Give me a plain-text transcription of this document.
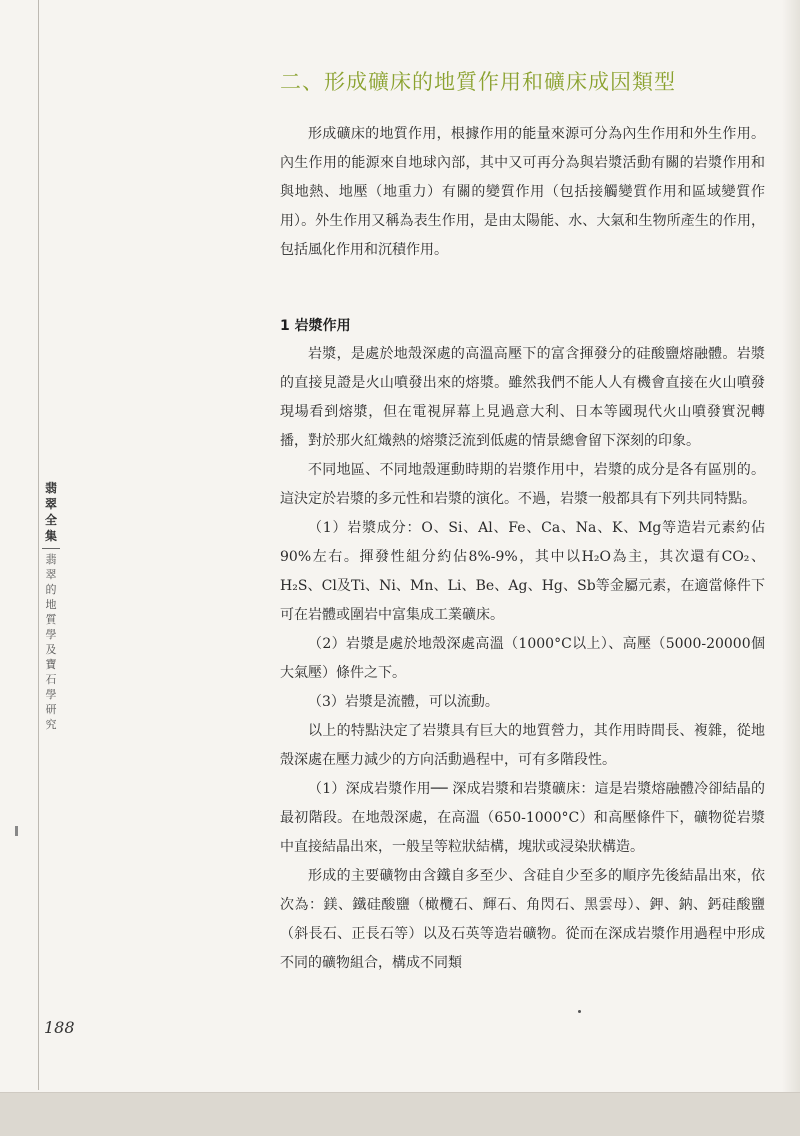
二、形成礦床的地質作用和礦床成因類型

形成礦床的地質作用，根據作用的能量來源可分為內生作用和外生作用。內生作用的能源來自地球內部，其中又可再分為與岩漿活動有關的岩漿作用和與地熱、地壓（地重力）有關的變質作用（包括接觸變質作用和區域變質作用）。外生作用又稱為表生作用，是由太陽能、水、大氣和生物所產生的作用，包括風化作用和沉積作用。

1 岩漿作用

岩漿，是處於地殼深處的高溫高壓下的富含揮發分的硅酸鹽熔融體。岩漿的直接見證是火山噴發出來的熔漿。雖然我們不能人人有機會直接在火山噴發現場看到熔漿，但在電視屏幕上見過意大利、日本等國現代火山噴發實況轉播，對於那火紅熾熱的熔漿泛流到低處的情景總會留下深刻的印象。

不同地區、不同地殼運動時期的岩漿作用中，岩漿的成分是各有區別的。這決定於岩漿的多元性和岩漿的演化。不過，岩漿一般都具有下列共同特點。

（1）岩漿成分：O、Si、Al、Fe、Ca、Na、K、Mg等造岩元素約佔90%左右。揮發性組分約佔8%-9%，其中以H₂O為主，其次還有CO₂、H₂S、Cl及Ti、Ni、Mn、Li、Be、Ag、Hg、Sb等金屬元素，在適當條件下可在岩體或圍岩中富集成工業礦床。

（2）岩漿是處於地殼深處高溫（1000°C以上）、高壓（5000-20000個大氣壓）條件之下。

（3）岩漿是流體，可以流動。

以上的特點決定了岩漿具有巨大的地質營力，其作用時間長、複雜，從地殼深處在壓力減少的方向活動過程中，可有多階段性。

（1）深成岩漿作用── 深成岩漿和岩漿礦床：這是岩漿熔融體冷卻結晶的最初階段。在地殼深處，在高溫（650-1000°C）和高壓條件下，礦物從岩漿中直接結晶出來，一般呈等粒狀結構，塊狀或浸染狀構造。

形成的主要礦物由含鐵自多至少、含硅自少至多的順序先後結晶出來，依次為：鎂、鐵硅酸鹽（橄欖石、輝石、角閃石、黑雲母）、鉀、鈉、鈣硅酸鹽（斜長石、正長石等）以及石英等造岩礦物。從而在深成岩漿作用過程中形成不同的礦物組合，構成不同類

翡翠全集
翡翠的地質學及寶石學研究
188
